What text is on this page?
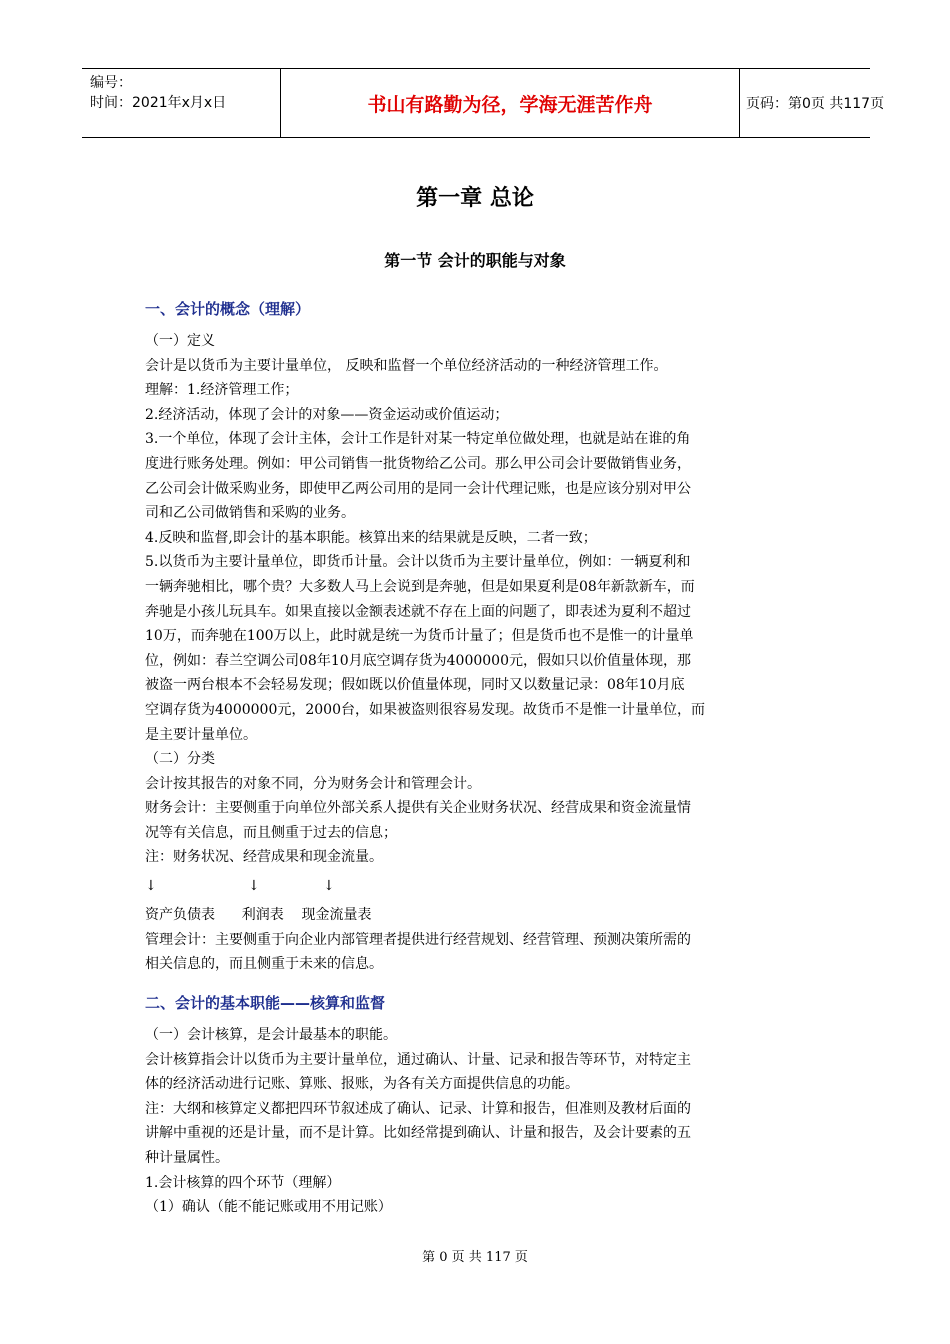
编号：
时间：2021年x月x日	书山有路勤为径，学海无涯苦作舟	页码：第0页 共117页
第一章 总论
第一节 会计的职能与对象
一、会计的概念（理解）

（一）定义

会计是以货币为主要计量单位， 反映和监督一个单位经济活动的一种经济管理工作。

理解：1.经济管理工作；

2.经济活动，体现了会计的对象——资金运动或价值运动；

3.一个单位，体现了会计主体，会计工作是针对某一特定单位做处理，也就是站在谁的角

度进行账务处理。例如：甲公司销售一批货物给乙公司。那么甲公司会计要做销售业务，

乙公司会计做采购业务，即使甲乙两公司用的是同一会计代理记账，也是应该分别对甲公

司和乙公司做销售和采购的业务。

4.反映和监督,即会计的基本职能。核算出来的结果就是反映，二者一致；

5.以货币为主要计量单位，即货币计量。会计以货币为主要计量单位，例如：一辆夏利和

一辆奔驰相比，哪个贵？大多数人马上会说到是奔驰，但是如果夏利是08年新款新车，而

奔驰是小孩儿玩具车。如果直接以金额表述就不存在上面的问题了，即表述为夏利不超过

10万，而奔驰在100万以上，此时就是统一为货币计量了；但是货币也不是惟一的计量单

位，例如：春兰空调公司08年10月底空调存货为4000000元，假如只以价值量体现，那

被盗一两台根本不会轻易发现；假如既以价值量体现，同时又以数量记录：08年10月底

空调存货为4000000元，2000台，如果被盗则很容易发现。故货币不是惟一计量单位，而

是主要计量单位。

（二）分类

会计按其报告的对象不同，分为财务会计和管理会计。

财务会计：主要侧重于向单位外部关系人提供有关企业财务状况、经营成果和资金流量情

况等有关信息，而且侧重于过去的信息；

注：财务状况、经营成果和现金流量。

↓	↓	↓

资产负债表      利润表    现金流量表

管理会计：主要侧重于向企业内部管理者提供进行经营规划、经营管理、预测决策所需的

相关信息的，而且侧重于未来的信息。

二、会计的基本职能——核算和监督

（一）会计核算，是会计最基本的职能。

会计核算指会计以货币为主要计量单位，通过确认、计量、记录和报告等环节，对特定主

体的经济活动进行记账、算账、报账，为各有关方面提供信息的功能。

注：大纲和核算定义都把四环节叙述成了确认、记录、计算和报告，但准则及教材后面的

讲解中重视的还是计量，而不是计算。比如经常提到确认、计量和报告，及会计要素的五

种计量属性。

1.会计核算的四个环节（理解）

（1）确认（能不能记账或用不用记账）

第 0 页 共 117 页
